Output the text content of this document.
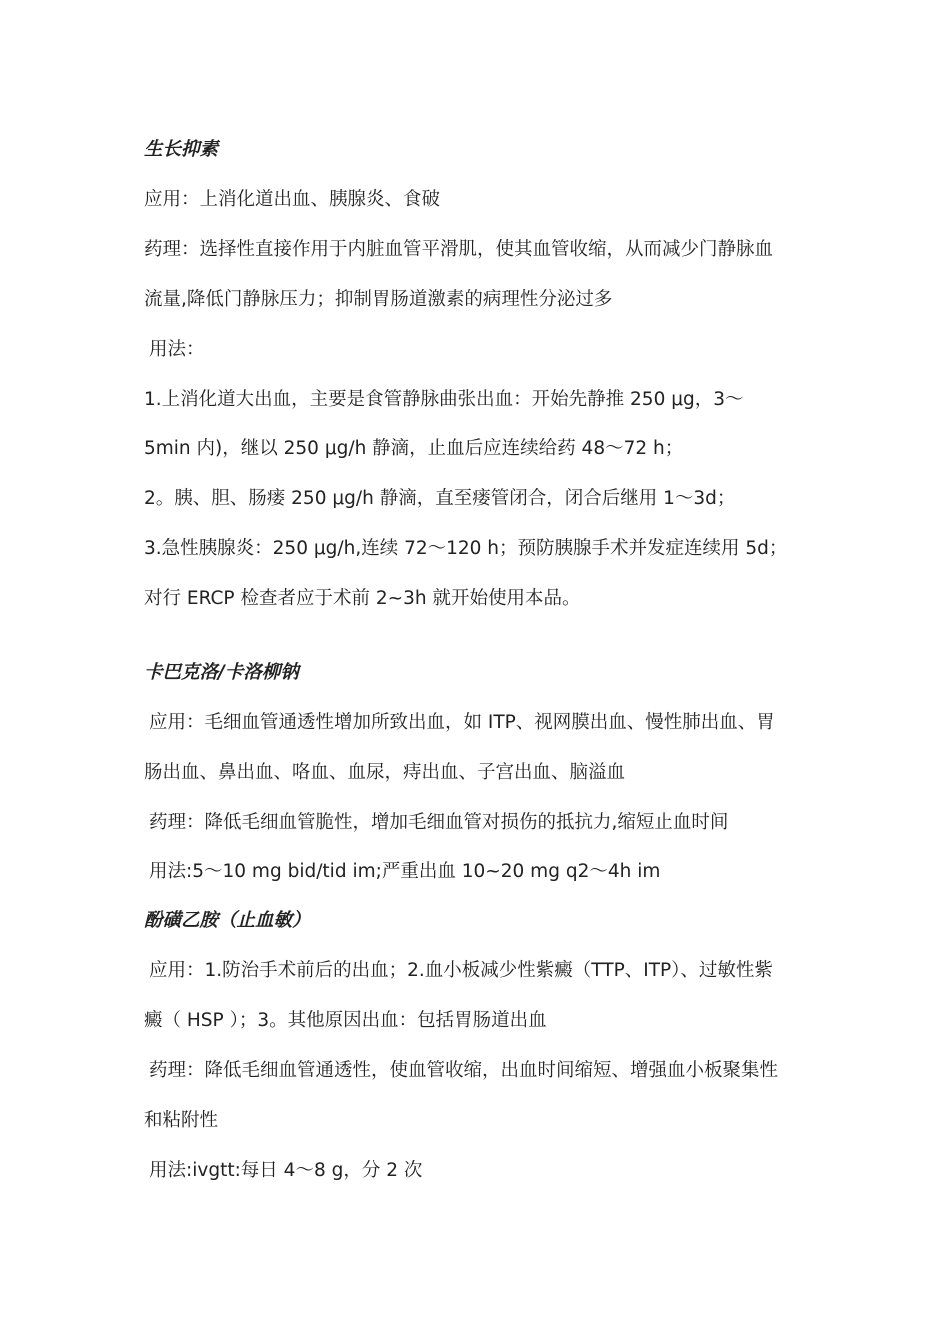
生长抑素
应用：上消化道出血、胰腺炎、食破
药理：选择性直接作用于内脏血管平滑肌，使其血管收缩，从而减少门静脉血
流量,降低门静脉压力；抑制胃肠道激素的病理性分泌过多
用法：
1.上消化道大出血，主要是食管静脉曲张出血：开始先静推 250 μg，3～
5min 内)，继以 250 μg/h 静滴，止血后应连续给药 48～72 h；
2。胰、胆、肠瘘 250 μg/h 静滴，直至瘘管闭合，闭合后继用 1～3d；
3.急性胰腺炎：250 μg/h,连续 72～120 h；预防胰腺手术并发症连续用 5d；
对行 ERCP 检查者应于术前 2~3h 就开始使用本品。
卡巴克洛/卡洛柳钠
应用：毛细血管通透性增加所致出血，如 ITP、视网膜出血、慢性肺出血、胃
肠出血、鼻出血、咯血、血尿，痔出血、子宫出血、脑溢血
药理：降低毛细血管脆性，增加毛细血管对损伤的抵抗力,缩短止血时间
用法:5～10 mg bid/tid im;严重出血 10~20 mg q2～4h im
酚磺乙胺（止血敏）
应用：1.防治手术前后的出血；2.血小板减少性紫癜（TTP、ITP）、过敏性紫
癜（ HSP ）；3。其他原因出血：包括胃肠道出血
药理：降低毛细血管通透性，使血管收缩，出血时间缩短、增强血小板聚集性
和粘附性
用法:ivgtt:每日 4～8 g，分 2 次
